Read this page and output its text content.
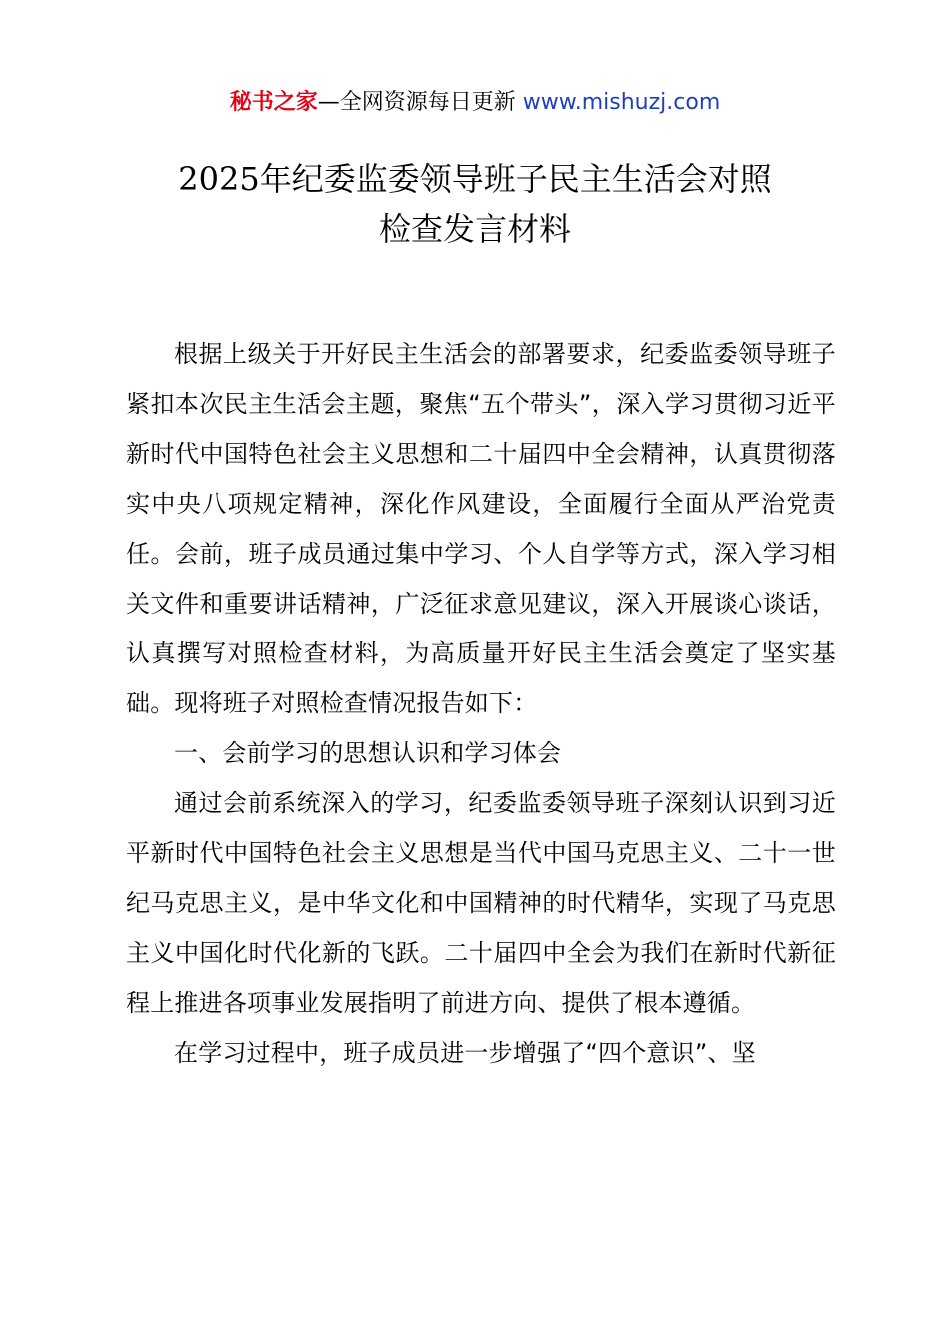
秘书之家—全网资源每日更新 www.mishuzj.com
2025年纪委监委领导班子民主生活会对照
检查发言材料

根据上级关于开好民主生活会的部署要求，纪委监委领导班子紧扣本次民主生活会主题，聚焦“五个带头”，深入学习贯彻习近平新时代中国特色社会主义思想和二十届四中全会精神，认真贯彻落实中央八项规定精神，深化作风建设，全面履行全面从严治党责任。会前，班子成员通过集中学习、个人自学等方式，深入学习相关文件和重要讲话精神，广泛征求意见建议，深入开展谈心谈话，认真撰写对照检查材料，为高质量开好民主生活会奠定了坚实基础。现将班子对照检查情况报告如下：

一、会前学习的思想认识和学习体会

通过会前系统深入的学习，纪委监委领导班子深刻认识到习近平新时代中国特色社会主义思想是当代中国马克思主义、二十一世纪马克思主义，是中华文化和中国精神的时代精华，实现了马克思主义中国化时代化新的飞跃。二十届四中全会为我们在新时代新征程上推进各项事业发展指明了前进方向、提供了根本遵循。

在学习过程中，班子成员进一步增强了“四个意识”、坚
